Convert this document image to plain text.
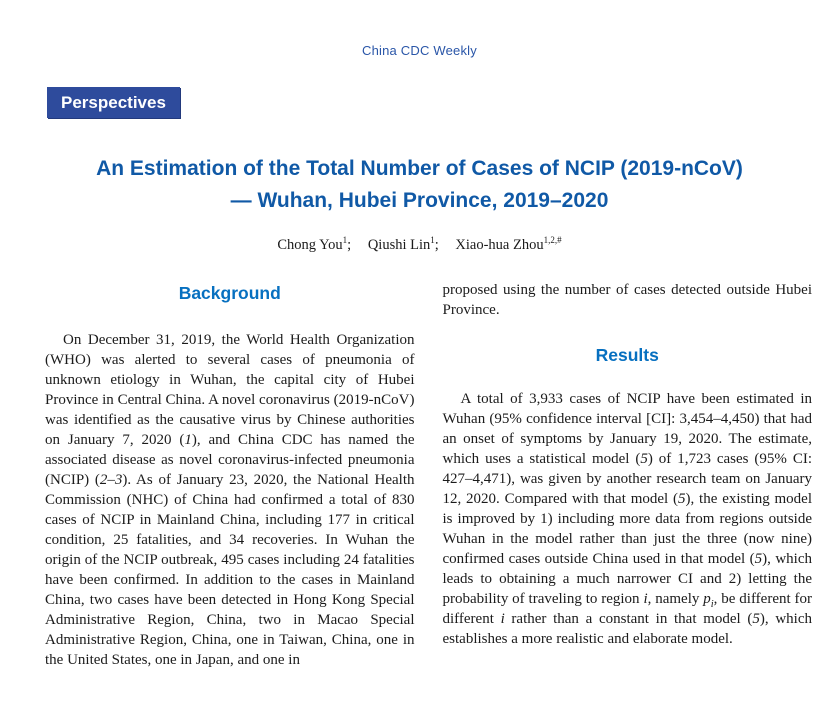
China CDC Weekly
Perspectives
An Estimation of the Total Number of Cases of NCIP (2019-nCoV)
— Wuhan, Hubei Province, 2019–2020
Chong You$^1$; Qiushi Lin$^1$; Xiao-hua Zhou$^{1,2,\#}$
Background
On December 31, 2019, the World Health Organization (WHO) was alerted to several cases of pneumonia of unknown etiology in Wuhan, the capital city of Hubei Province in Central China. A novel coronavirus (2019-nCoV) was identified as the causative virus by Chinese authorities on January 7, 2020 (1), and China CDC has named the associated disease as novel coronavirus-infected pneumonia (NCIP) (2–3). As of January 23, 2020, the National Health Commission (NHC) of China had confirmed a total of 830 cases of NCIP in Mainland China, including 177 in critical condition, 25 fatalities, and 34 recoveries. In Wuhan the origin of the NCIP outbreak, 495 cases including 24 fatalities have been confirmed. In addition to the cases in Mainland China, two cases have been detected in Hong Kong Special Administrative Region, China, two in Macao Special Administrative Region, China, one in Taiwan, China, one in the United States, one in Japan, and one in
proposed using the number of cases detected outside Hubei Province.
Results
A total of 3,933 cases of NCIP have been estimated in Wuhan (95% confidence interval [CI]: 3,454–4,450) that had an onset of symptoms by January 19, 2020. The estimate, which uses a statistical model (5) of 1,723 cases (95% CI: 427–4,471), was given by another research team on January 12, 2020. Compared with that model (5), the existing model is improved by 1) including more data from regions outside Wuhan in the model rather than just the three (now nine) confirmed cases outside China used in that model (5), which leads to obtaining a much narrower CI and 2) letting the probability of traveling to region i, namely $p_i$, be different for different i rather than a constant in that model (5), which establishes a more realistic and elaborate model.
